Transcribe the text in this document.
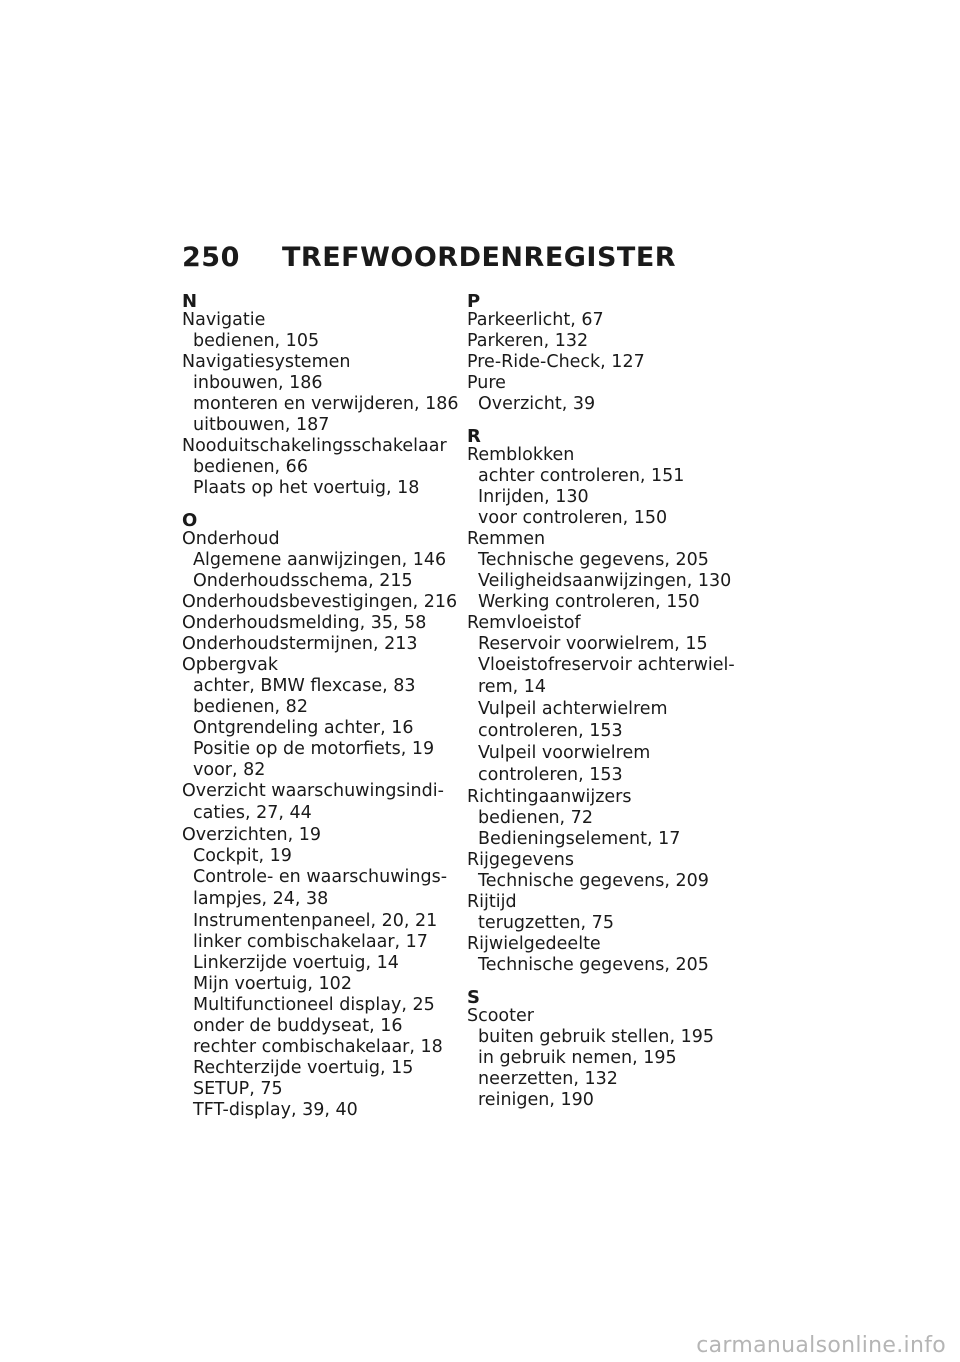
250	TREFWOORDENREGISTER
N
Navigatie
bedienen, 105
Navigatiesystemen
inbouwen, 186
monteren en verwijderen, 186
uitbouwen, 187
Nooduitschakelingsschakelaar
bedienen, 66
Plaats op het voertuig, 18
O
Onderhoud
Algemene aanwijzingen, 146
Onderhoudsschema, 215
Onderhoudsbevestigingen, 216
Onderhoudsmelding, 35, 58
Onderhoudstermijnen, 213
Opbergvak
achter, BMW flexcase, 83
bedienen, 82
Ontgrendeling achter, 16
Positie op de motorfiets, 19
voor, 82
Overzicht waarschuwingsindi-
caties, 27, 44
Overzichten, 19
Cockpit, 19
Controle- en waarschuwings-
lampjes, 24, 38
Instrumentenpaneel, 20, 21
linker combischakelaar, 17
Linkerzijde voertuig, 14
Mijn voertuig, 102
Multifunctioneel display, 25
onder de buddyseat, 16
rechter combischakelaar, 18
Rechterzijde voertuig, 15
SETUP, 75
TFT-display, 39, 40
P
Parkeerlicht, 67
Parkeren, 132
Pre-Ride-Check, 127
Pure
Overzicht, 39
R
Remblokken
achter controleren, 151
Inrijden, 130
voor controleren, 150
Remmen
Technische gegevens, 205
Veiligheidsaanwijzingen, 130
Werking controleren, 150
Remvloeistof
Reservoir voorwielrem, 15
Vloeistofreservoir achterwiel-
rem, 14
Vulpeil achterwielrem
controleren, 153
Vulpeil voorwielrem
controleren, 153
Richtingaanwijzers
bedienen, 72
Bedieningselement, 17
Rijgegevens
Technische gegevens, 209
Rijtijd
terugzetten, 75
Rijwielgedeelte
Technische gegevens, 205
S
Scooter
buiten gebruik stellen, 195
in gebruik nemen, 195
neerzetten, 132
reinigen, 190
carmanualsonline.info
